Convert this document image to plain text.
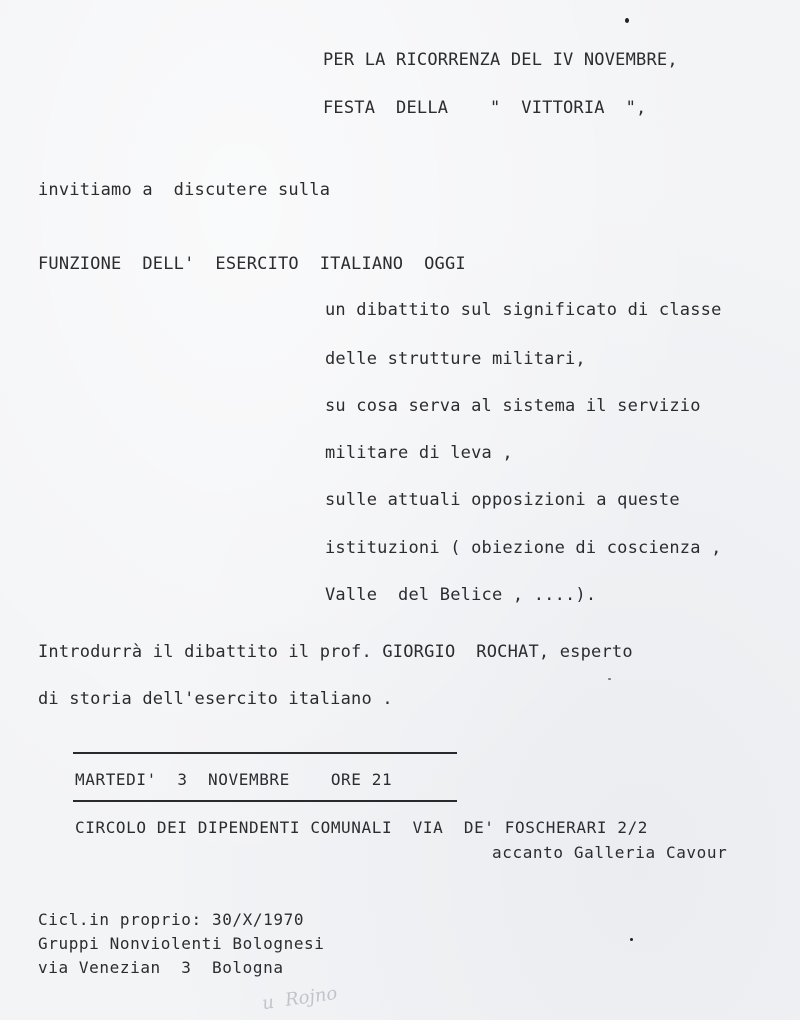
PER LA RICORRENZA DEL IV NOVEMBRE,
FESTA  DELLA    "  VITTORIA  ",
invitiamo a  discutere sulla
FUNZIONE  DELL'  ESERCITO  ITALIANO  OGGI
un dibattito sul significato di classe
delle strutture militari,
su cosa serva al sistema il servizio
militare di leva ,
sulle attuali opposizioni a queste
istituzioni ( obiezione di coscienza ,
Valle  del Belice , ....).
Introdurrà il dibattito il prof. GIORGIO  ROCHAT, esperto
di storia dell'esercito italiano .
MARTEDI'  3  NOVEMBRE    ORE 21
CIRCOLO DEI DIPENDENTI COMUNALI  VIA  DE' FOSCHERARI 2/2
accanto Galleria Cavour
Cicl.in proprio: 30/X/1970
Gruppi Nonviolenti Bolognesi
via Venezian  3  Bologna
u  Rojno
